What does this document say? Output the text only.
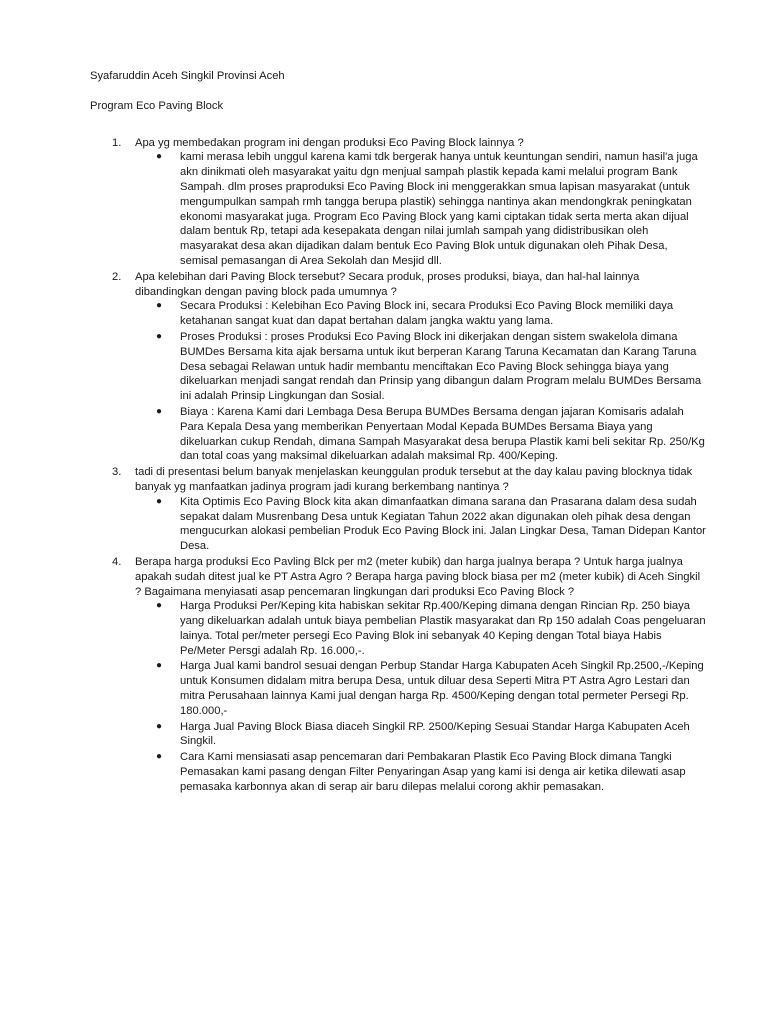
Syafaruddin Aceh Singkil Provinsi Aceh

Program Eco Paving Block

1. Apa yg membedakan program ini dengan produksi Eco Paving Block lainnya ?
● kami merasa lebih unggul karena kami tdk bergerak hanya untuk keuntungan sendiri, namun hasil'a juga akn dinikmati oleh masyarakat yaitu dgn menjual sampah plastik kepada kami melalui program Bank Sampah. dlm proses praproduksi Eco Paving Block ini menggerakkan smua lapisan masyarakat (untuk mengumpulkan sampah rmh tangga berupa plastik) sehingga nantinya akan mendongkrak peningkatan ekonomi masyarakat juga. Program Eco Paving Block yang kami ciptakan tidak serta merta akan dijual dalam bentuk Rp, tetapi ada kesepakata dengan nilai jumlah sampah yang didistribusikan oleh masyarakat desa akan dijadikan dalam bentuk Eco Paving Blok untuk digunakan oleh Pihak Desa, semisal pemasangan di Area Sekolah dan Mesjid dll.
2. Apa kelebihan dari Paving Block tersebut? Secara produk, proses produksi, biaya, dan hal-hal lainnya dibandingkan dengan paving block pada umumnya ?
● Secara Produksi : Kelebihan Eco Paving Block ini, secara Produksi Eco Paving Block memiliki daya ketahanan sangat kuat dan dapat bertahan dalam jangka waktu yang lama.
● Proses Produksi : proses Produksi Eco Paving Block ini dikerjakan dengan sistem swakelola dimana BUMDes Bersama kita ajak bersama untuk ikut berperan Karang Taruna Kecamatan dan Karang Taruna Desa sebagai Relawan untuk hadir membantu menciftakan Eco Paving Block sehingga biaya yang dikeluarkan menjadi sangat rendah dan Prinsip yang dibangun dalam Program melalu BUMDes Bersama ini adalah Prinsip Lingkungan dan Sosial.
● Biaya : Karena Kami dari Lembaga Desa Berupa BUMDes Bersama dengan jajaran Komisaris adalah Para Kepala Desa yang memberikan Penyertaan Modal Kepada BUMDes Bersama Biaya yang dikeluarkan cukup Rendah, dimana Sampah Masyarakat desa berupa Plastik kami beli sekitar Rp. 250/Kg dan total coas yang maksimal dikeluarkan adalah maksimal Rp. 400/Keping.
3. tadi di presentasi belum banyak menjelaskan keunggulan produk tersebut at the day kalau paving blocknya tidak banyak yg manfaatkan jadinya program jadi kurang berkembang nantinya ?
● Kita Optimis Eco Paving Block kita akan dimanfaatkan dimana sarana dan Prasarana dalam desa sudah sepakat dalam Musrenbang Desa untuk Kegiatan Tahun 2022 akan digunakan oleh pihak desa dengan mengucurkan alokasi pembelian Produk Eco Paving Block ini. Jalan Lingkar Desa, Taman Didepan Kantor Desa.
4. Berapa harga produksi Eco Pavling Blck per m2 (meter kubik) dan harga jualnya berapa ? Untuk harga jualnya apakah sudah ditest jual ke PT Astra Agro ? Berapa harga paving block biasa per m2 (meter kubik) di Aceh Singkil ? Bagaimana menyiasati asap pencemaran lingkungan dari produksi Eco Paving Block ?
● Harga Produksi Per/Keping kita habiskan sekitar Rp.400/Keping dimana dengan Rincian Rp. 250 biaya yang dikeluarkan adalah untuk biaya pembelian Plastik masyarakat dan Rp 150 adalah Coas pengeluaran lainya. Total per/meter persegi Eco Paving Blok ini sebanyak 40 Keping dengan Total biaya Habis Pe/Meter Persgi adalah Rp. 16.000,-.
● Harga Jual kami bandrol sesuai dengan Perbup Standar Harga Kabupaten Aceh Singkil Rp.2500,-/Keping untuk Konsumen didalam mitra berupa Desa, untuk diluar desa Seperti Mitra PT Astra Agro Lestari dan mitra Perusahaan lainnya Kami jual dengan harga Rp. 4500/Keping dengan total permeter Persegi Rp. 180.000,-
● Harga Jual Paving Block Biasa diaceh Singkil RP. 2500/Keping Sesuai Standar Harga Kabupaten Aceh Singkil.
● Cara Kami mensiasati asap pencemaran dari Pembakaran Plastik Eco Paving Block dimana Tangki Pemasakan kami pasang dengan Filter Penyaringan Asap yang kami isi denga air ketika dilewati asap pemasaka karbonnya akan di serap air baru dilepas melalui corong akhir pemasakan.
